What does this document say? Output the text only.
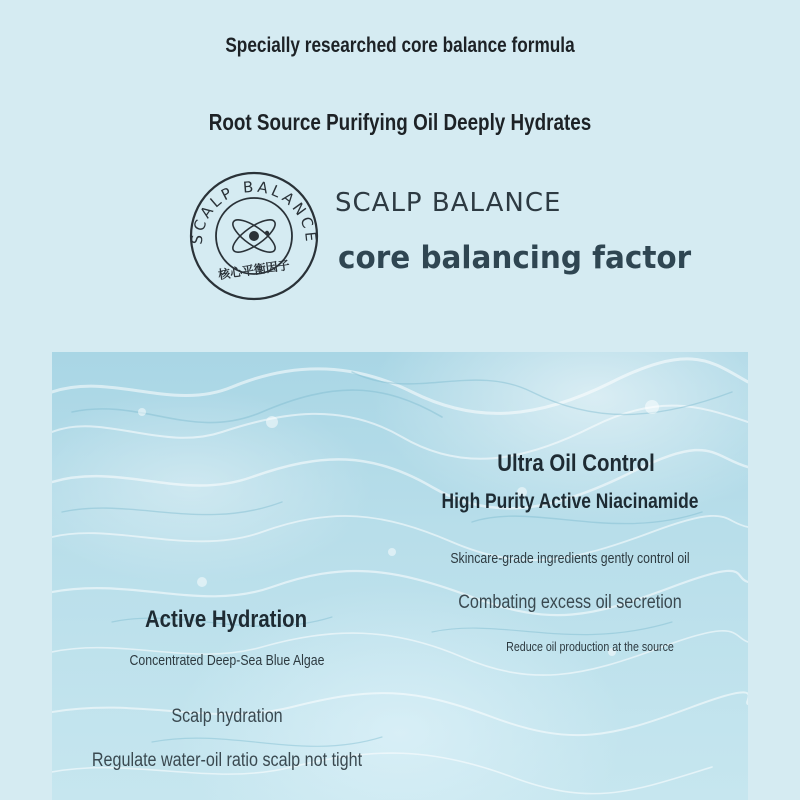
Specially researched core balance formula
Root Source Purifying Oil Deeply Hydrates
SCALP BALANCE
核心平衡因子
SCALP BALANCE
core balancing factor
Ultra Oil Control
High Purity Active Niacinamide
Skincare-grade ingredients gently control oil
Combating excess oil secretion
Reduce oil production at the source
Active Hydration
Concentrated Deep-Sea Blue Algae
Scalp hydration
Regulate water-oil ratio scalp not tight
